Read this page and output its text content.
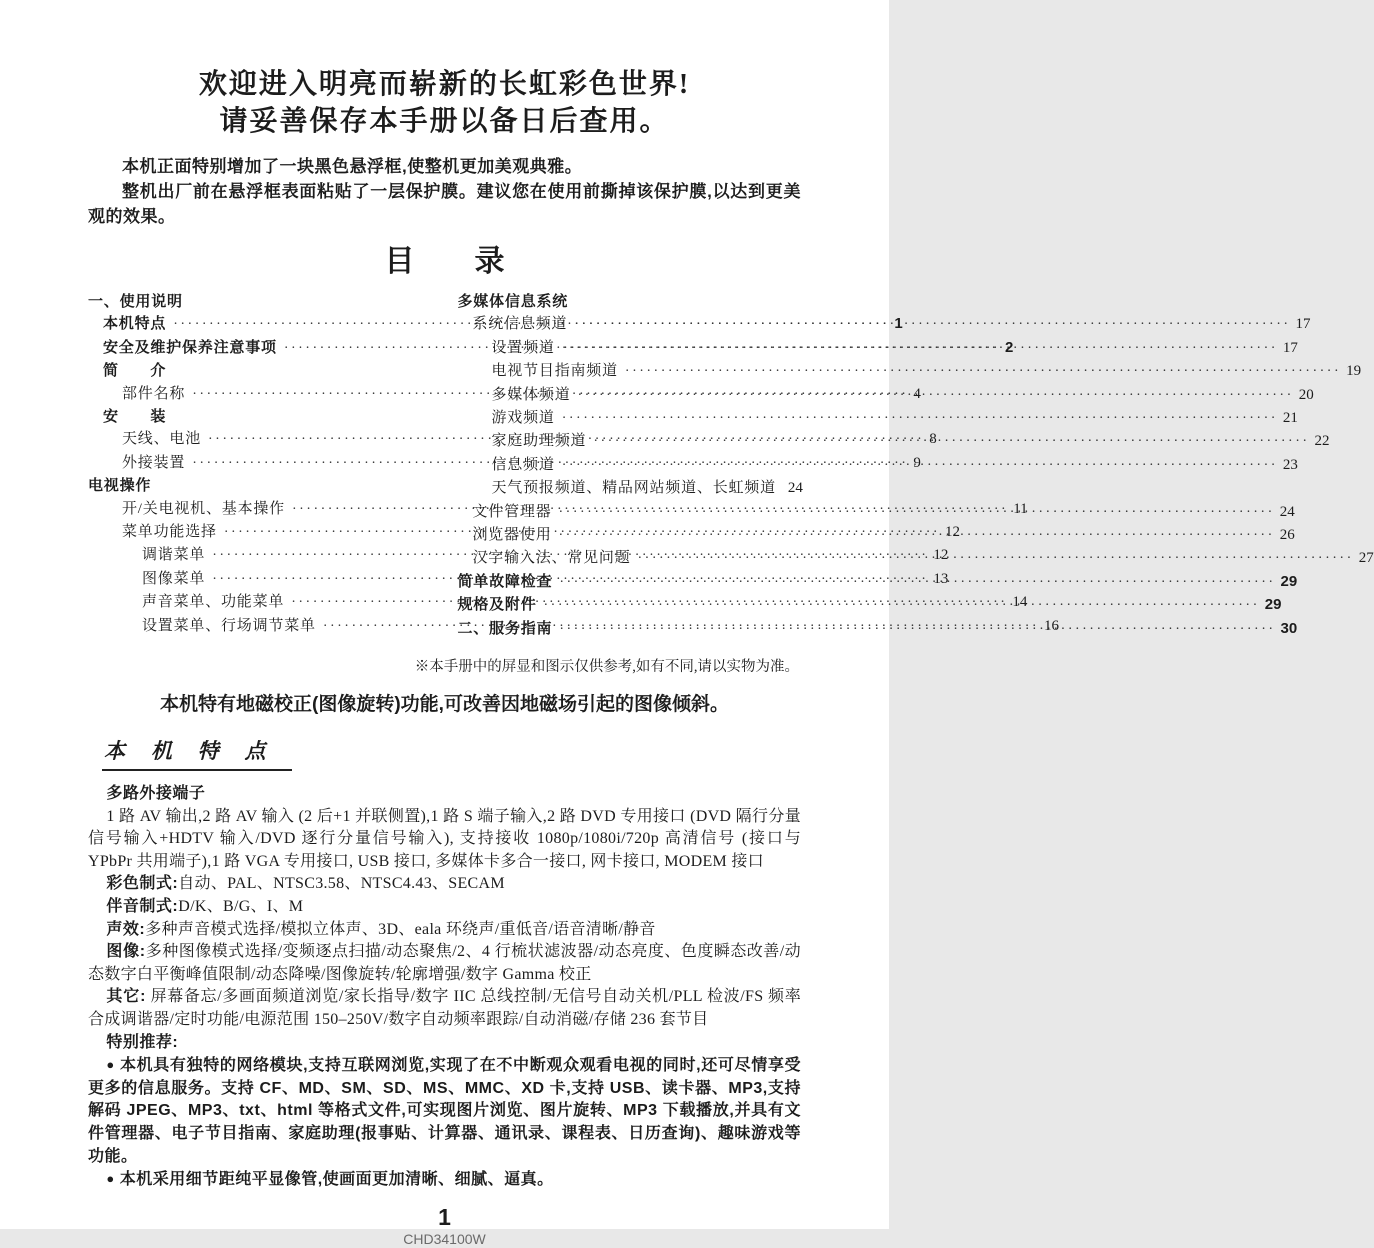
欢迎进入明亮而崭新的长虹彩色世界!
请妥善保存本手册以备日后查用。

本机正面特别增加了一块黑色悬浮框,使整机更加美观典雅。

整机出厂前在悬浮框表面粘贴了一层保护膜。建议您在使用前撕掉该保护膜,以达到更美观的效果。

目　　录
一、使用说明
本机特点 ·····	1
安全及维护保养注意事项 ·····	2
简　　介
部件名称 ·····	4
安　　装
天线、电池 ·····	8
外接装置 ·····	9
电视操作
开/关电视机、基本操作 ·····	11
菜单功能选择 ·····	12
调谐菜单 ·····	12
图像菜单 ·····	13
声音菜单、功能菜单 ·····	14
设置菜单、行场调节菜单 ·····	16
多媒体信息系统
系统信息频道 ·····	17
设置频道 ·····	17
电视节目指南频道 ·····	19
多媒体频道 ·····	20
游戏频道 ·····	21
家庭助理频道 ·····	22
信息频道 ·····	23
天气预报频道、精品网站频道、长虹频道 24
文件管理器 ·····	24
浏览器使用 ·····	26
汉字输入法、常见问题 ·····	27
简单故障检查 ·····	29
规格及附件 ·····	29
二、服务指南 ·····	30

※本手册中的屏显和图示仅供参考,如有不同,请以实物为准。

本机特有地磁校正(图像旋转)功能,可改善因地磁场引起的图像倾斜。

本 机 特 点

多路外接端子

1 路 AV 输出,2 路 AV 输入 (2 后+1 并联侧置),1 路 S 端子输入,2 路 DVD 专用接口 (DVD 隔行分量信号输入+HDTV 输入/DVD 逐行分量信号输入), 支持接收 1080p/1080i/720p 高清信号 (接口与 YPbPr 共用端子),1 路 VGA 专用接口, USB 接口, 多媒体卡多合一接口, 网卡接口, MODEM 接口

彩色制式:自动、PAL、NTSC3.58、NTSC4.43、SECAM

伴音制式:D/K、B/G、I、M

声效:多种声音模式选择/模拟立体声、3D、eala 环绕声/重低音/语音清晰/静音

图像:多种图像模式选择/变频逐点扫描/动态聚焦/2、4 行梳状滤波器/动态亮度、色度瞬态改善/动态数字白平衡峰值限制/动态降噪/图像旋转/轮廓增强/数字 Gamma 校正

其它: 屏幕备忘/多画面频道浏览/家长指导/数字 IIC 总线控制/无信号自动关机/PLL 检波/FS 频率合成调谐器/定时功能/电源范围 150–250V/数字自动频率跟踪/自动消磁/存储 236 套节目

特别推荐:

● 本机具有独特的网络模块,支持互联网浏览,实现了在不中断观众观看电视的同时,还可尽情享受更多的信息服务。支持 CF、MD、SM、SD、MS、MMC、XD 卡,支持 USB、读卡器、MP3,支持解码 JPEG、MP3、txt、html 等格式文件,可实现图片浏览、图片旋转、MP3 下载播放,并具有文件管理器、电子节目指南、家庭助理(报事贴、计算器、通讯录、课程表、日历查询)、趣味游戏等功能。

● 本机采用细节距纯平显像管,使画面更加清晰、细腻、逼真。

1

CHD34100W
